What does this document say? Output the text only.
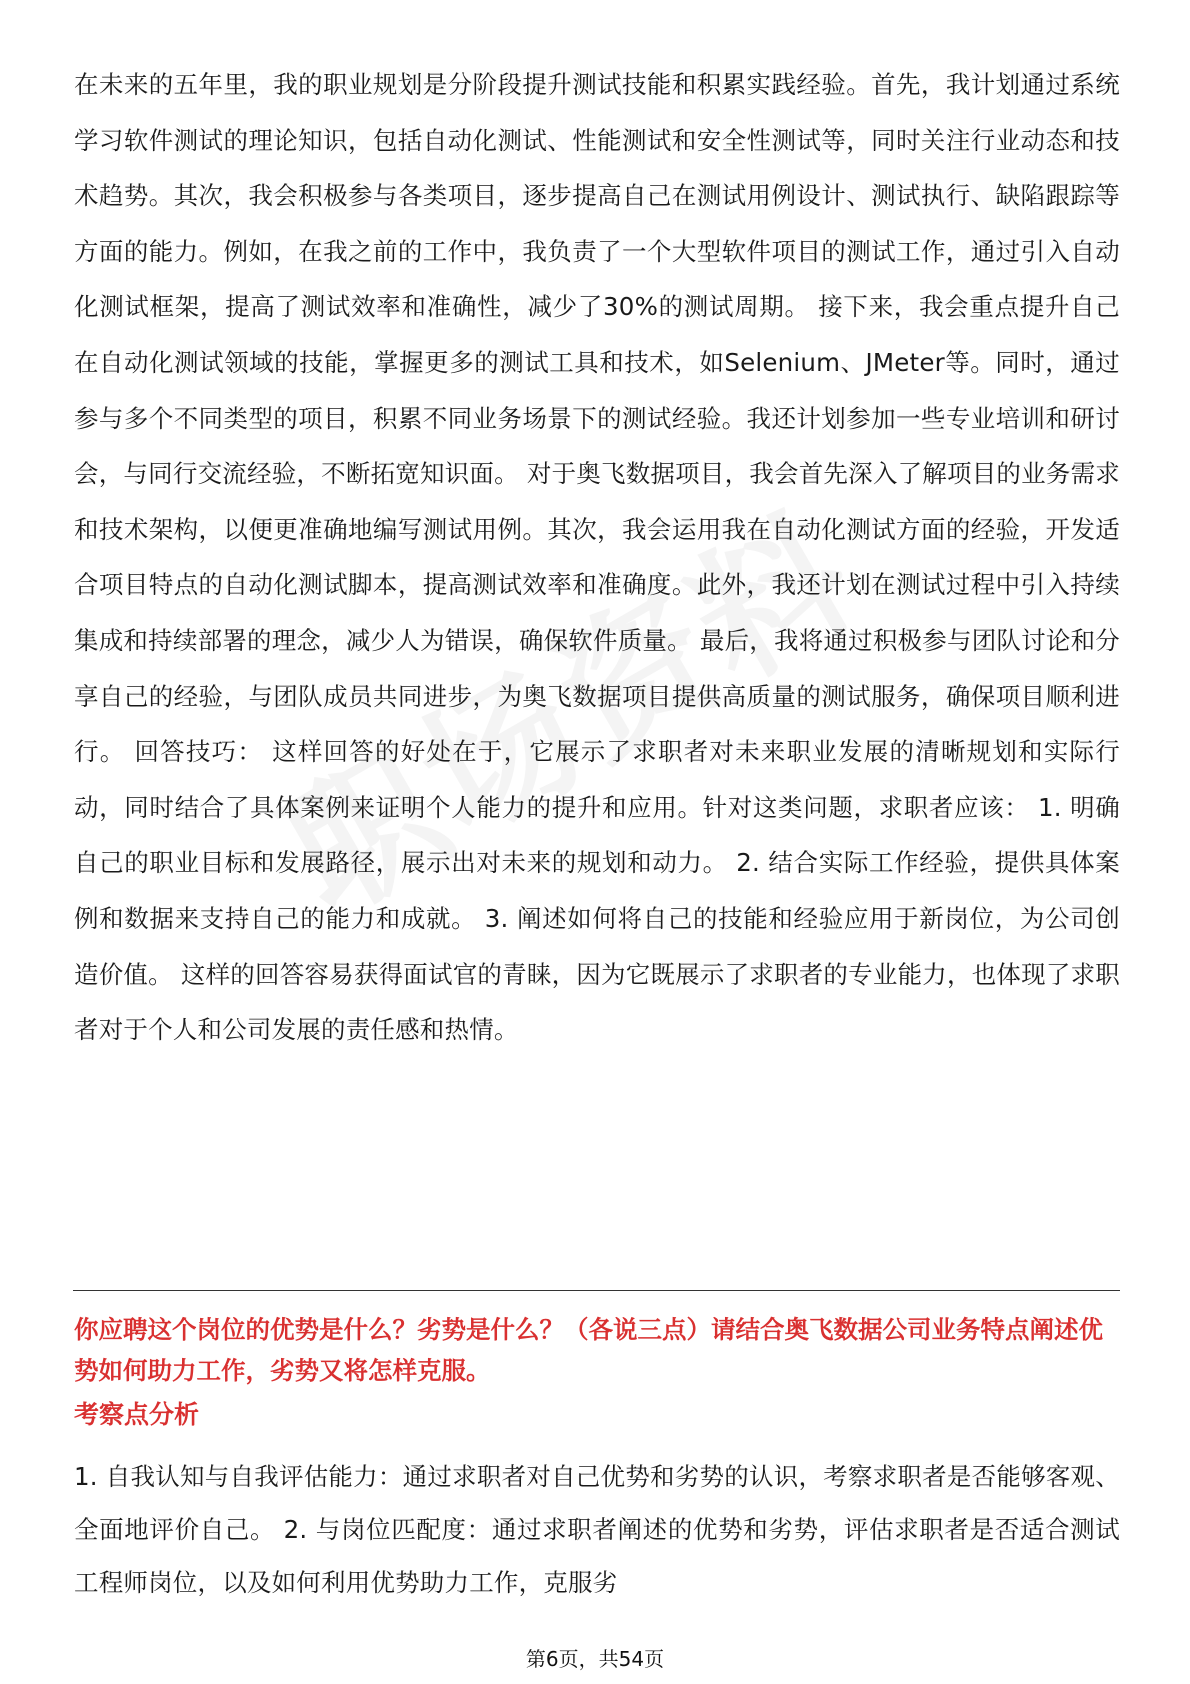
在未来的五年里，我的职业规划是分阶段提升测试技能和积累实践经验。首先，我计划通过系统学习软件测试的理论知识，包括自动化测试、性能测试和安全性测试等，同时关注行业动态和技术趋势。其次，我会积极参与各类项目，逐步提高自己在测试用例设计、测试执行、缺陷跟踪等方面的能力。例如，在我之前的工作中，我负责了一个大型软件项目的测试工作，通过引入自动化测试框架，提高了测试效率和准确性，减少了30%的测试周期。 接下来，我会重点提升自己在自动化测试领域的技能，掌握更多的测试工具和技术，如Selenium、JMeter等。同时，通过参与多个不同类型的项目，积累不同业务场景下的测试经验。我还计划参加一些专业培训和研讨会，与同行交流经验，不断拓宽知识面。 对于奥飞数据项目，我会首先深入了解项目的业务需求和技术架构，以便更准确地编写测试用例。其次，我会运用我在自动化测试方面的经验，开发适合项目特点的自动化测试脚本，提高测试效率和准确度。此外，我还计划在测试过程中引入持续集成和持续部署的理念，减少人为错误，确保软件质量。 最后，我将通过积极参与团队讨论和分享自己的经验，与团队成员共同进步，为奥飞数据项目提供高质量的测试服务，确保项目顺利进行。 回答技巧： 这样回答的好处在于，它展示了求职者对未来职业发展的清晰规划和实际行动，同时结合了具体案例来证明个人能力的提升和应用。针对这类问题，求职者应该： 1. 明确自己的职业目标和发展路径，展示出对未来的规划和动力。 2. 结合实际工作经验，提供具体案例和数据来支持自己的能力和成就。 3. 阐述如何将自己的技能和经验应用于新岗位，为公司创造价值。 这样的回答容易获得面试官的青睐，因为它既展示了求职者的专业能力，也体现了求职者对于个人和公司发展的责任感和热情。

你应聘这个岗位的优势是什么？劣势是什么？（各说三点）请结合奥飞数据公司业务特点阐述优势如何助力工作，劣势又将怎样克服。

考察点分析

1. 自我认知与自我评估能力：通过求职者对自己优势和劣势的认识，考察求职者是否能够客观、全面地评价自己。 2. 与岗位匹配度：通过求职者阐述的优势和劣势，评估求职者是否适合测试工程师岗位，以及如何利用优势助力工作，克服劣

第6页，共54页
